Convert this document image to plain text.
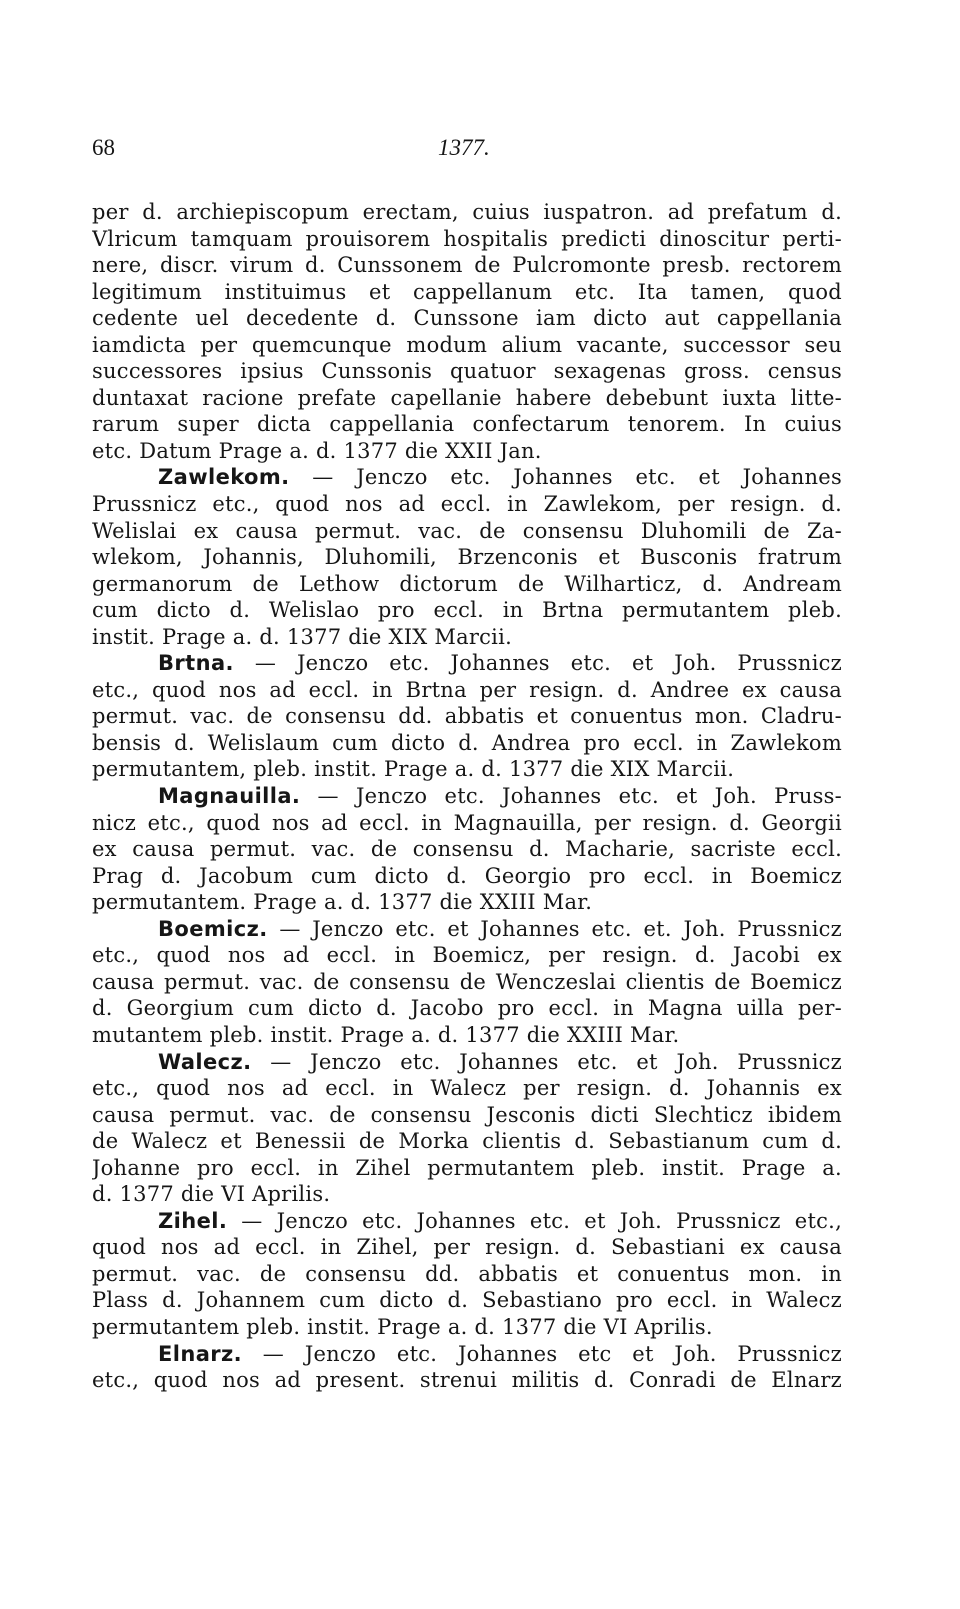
68	1377.
per d. archiepiscopum erectam, cuius iuspatron. ad prefatum d.
Vlricum tamquam prouisorem hospitalis predicti dinoscitur perti-
nere, discr. virum d. Cunssonem de Pulcromonte presb. rectorem
legitimum instituimus et cappellanum etc. Ita tamen, quod
cedente uel decedente d. Cunssone iam dicto aut cappellania
iamdicta per quemcunque modum alium vacante, successor seu
successores ipsius Cunssonis quatuor sexagenas gross. census
duntaxat racione prefate capellanie habere debebunt iuxta litte-
rarum super dicta cappellania confectarum tenorem. In cuius
etc. Datum Prage a. d. 1377 die XXII Jan.
Zawlekom. — Jenczo etc. Johannes etc. et Johannes
Prussnicz etc., quod nos ad eccl. in Zawlekom, per resign. d.
Welislai ex causa permut. vac. de consensu Dluhomili de Za-
wlekom, Johannis, Dluhomili, Brzenconis et Busconis fratrum
germanorum de Lethow dictorum de Wilharticz, d. Andream
cum dicto d. Welislao pro eccl. in Brtna permutantem pleb.
instit. Prage a. d. 1377 die XIX Marcii.
Brtna. — Jenczo etc. Johannes etc. et Joh. Prussnicz
etc., quod nos ad eccl. in Brtna per resign. d. Andree ex causa
permut. vac. de consensu dd. abbatis et conuentus mon. Cladru-
bensis d. Welislaum cum dicto d. Andrea pro eccl. in Zawlekom
permutantem, pleb. instit. Prage a. d. 1377 die XIX Marcii.
Magnauilla. — Jenczo etc. Johannes etc. et Joh. Pruss-
nicz etc., quod nos ad eccl. in Magnauilla, per resign. d. Georgii
ex causa permut. vac. de consensu d. Macharie, sacriste eccl.
Prag d. Jacobum cum dicto d. Georgio pro eccl. in Boemicz
permutantem. Prage a. d. 1377 die XXIII Mar.
Boemicz. — Jenczo etc. et Johannes etc. et. Joh. Prussnicz
etc., quod nos ad eccl. in Boemicz, per resign. d. Jacobi ex
causa permut. vac. de consensu de Wenczeslai clientis de Boemicz
d. Georgium cum dicto d. Jacobo pro eccl. in Magna uilla per-
mutantem pleb. instit. Prage a. d. 1377 die XXIII Mar.
Walecz. — Jenczo etc. Johannes etc. et Joh. Prussnicz
etc., quod nos ad eccl. in Walecz per resign. d. Johannis ex
causa permut. vac. de consensu Jesconis dicti Slechticz ibidem
de Walecz et Benessii de Morka clientis d. Sebastianum cum d.
Johanne pro eccl. in Zihel permutantem pleb. instit. Prage a.
d. 1377 die VI Aprilis.
Zihel. — Jenczo etc. Johannes etc. et Joh. Prussnicz etc.,
quod nos ad eccl. in Zihel, per resign. d. Sebastiani ex causa
permut. vac. de consensu dd. abbatis et conuentus mon. in
Plass d. Johannem cum dicto d. Sebastiano pro eccl. in Walecz
permutantem pleb. instit. Prage a. d. 1377 die VI Aprilis.
Elnarz. — Jenczo etc. Johannes etc et Joh. Prussnicz
etc., quod nos ad present. strenui militis d. Conradi de Elnarz
